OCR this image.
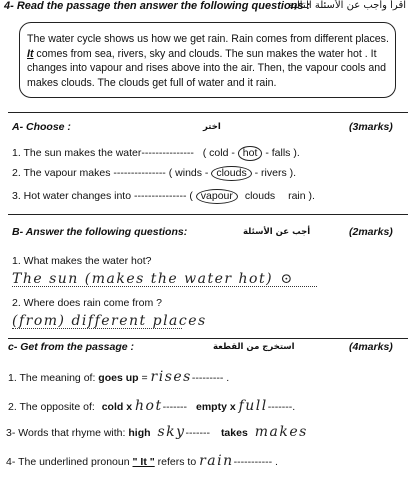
4- Read the passage then answer the following questions :
اقرأ وأجب عن الأسئلة التالية
The water cycle shows us how we get rain. Rain comes from different places. It comes from sea, rivers, sky and clouds. The sun makes the water hot . It changes into vapour and rises above into the air. Then, the vapour cools and makes clouds. The clouds get full of water and it rain.
A- Choose :	اختر	(3marks)
1. The sun makes the water--------------- ( cold - hot - falls ).
2. The vapour makes --------------- ( winds - clouds - rivers ).
3. Hot water changes into --------------- ( vapour clouds rain ).
B- Answer the following questions:	أجب عن الأسئلة	(2marks)
1. What makes the water hot?
The sun (makes the water hot) ⊙
2. Where does rain come from ?
(from) different places
c- Get from the passage :	استخرج من القطعة	(4marks)
1. The meaning of: goes up = rises--------- .
2. The opposite of: cold x hot------- empty x full-------.
3- Words that rhyme with: high sky------- takes makes
4- The underlined pronoun " It " refers to rain----------- .
